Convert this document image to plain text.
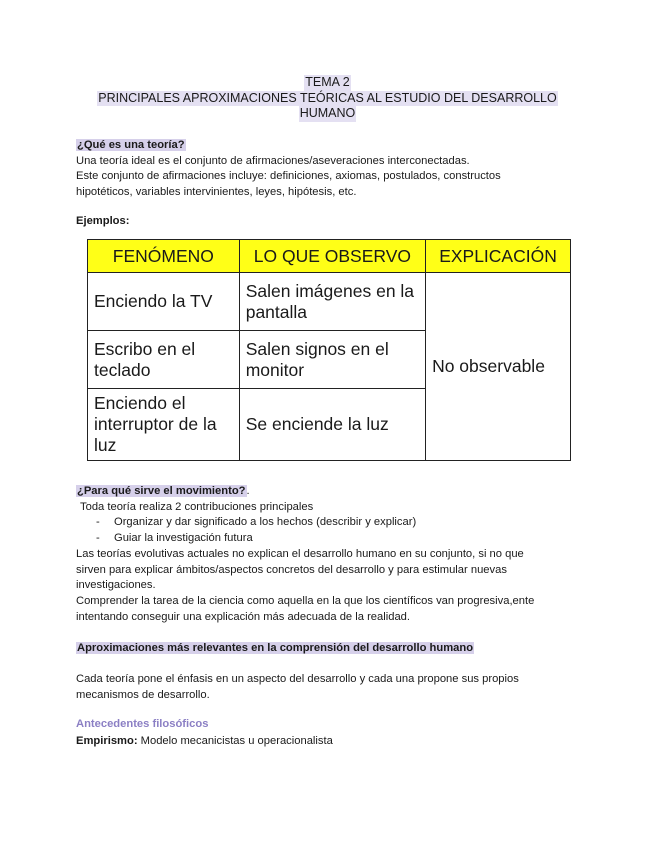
TEMA 2
PRINCIPALES APROXIMACIONES TEÓRICAS AL ESTUDIO DEL DESARROLLO
HUMANO
¿Qué es una teoría?
Una teoría ideal es el conjunto de afirmaciones/aseveraciones interconectadas.
Este conjunto de afirmaciones incluye: definiciones, axiomas, postulados, constructos
hipotéticos, variables intervinientes, leyes, hipótesis, etc.
Ejemplos:
FENÓMENO	LO QUE OBSERVO	EXPLICACIÓN
Enciendo la TV	Salen imágenes en la pantalla	No observable
Escribo en el teclado	Salen signos en el monitor	
Enciendo el interruptor de la luz	Se enciende la luz	
¿Para qué sirve el movimiento?.
Toda teoría realiza 2 contribuciones principales
- Organizar y dar significado a los hechos (describir y explicar)
- Guiar la investigación futura
Las teorías evolutivas actuales no explican el desarrollo humano en su conjunto, si no que
sirven para explicar ámbitos/aspectos concretos del desarrollo y para estimular nuevas
investigaciones.
Comprender la tarea de la ciencia como aquella en la que los científicos van progresiva,ente
intentando conseguir una explicación más adecuada de la realidad.
Aproximaciones más relevantes en la comprensión del desarrollo humano
Cada teoría pone el énfasis en un aspecto del desarrollo y cada una propone sus propios
mecanismos de desarrollo.
Antecedentes filosóficos
Empirismo: Modelo mecanicistas u operacionalista
